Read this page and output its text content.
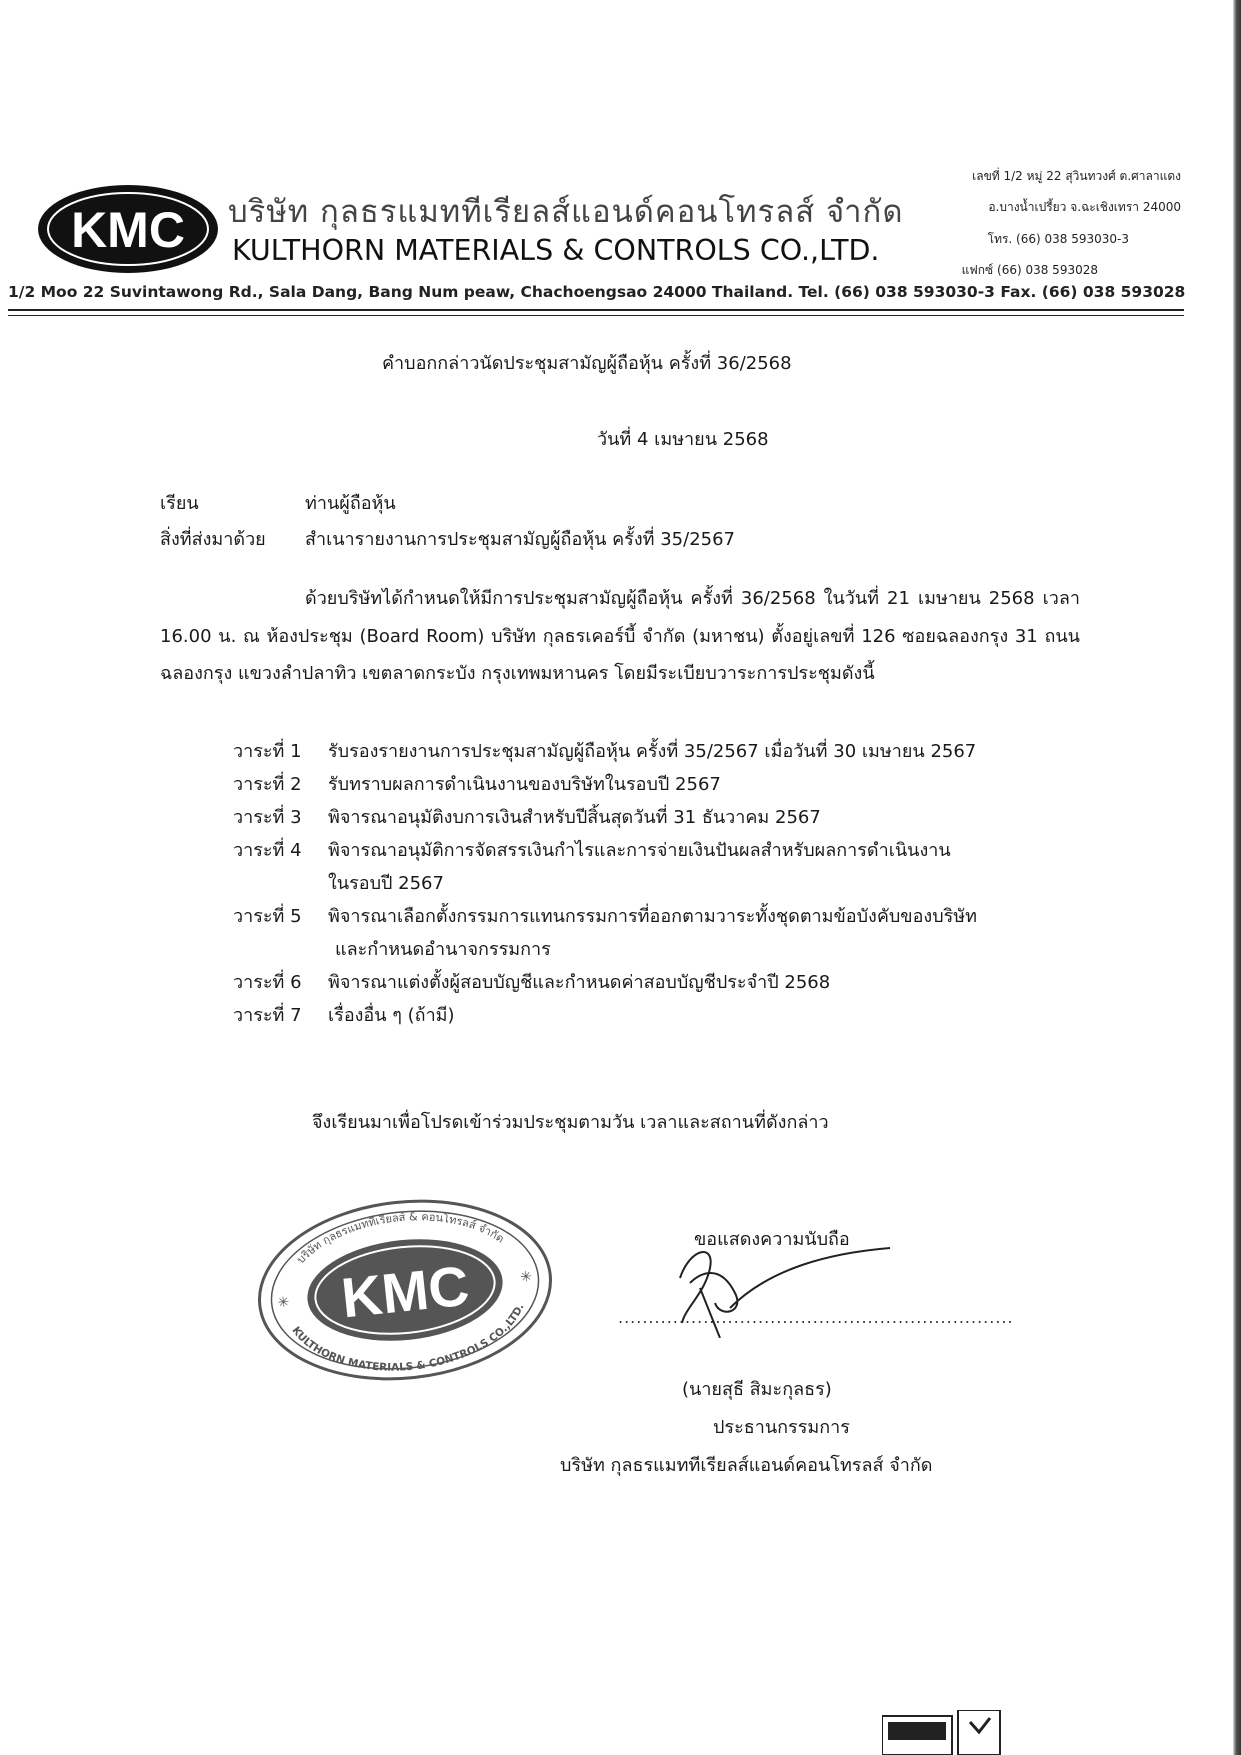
KMC บริษัท กุลธรแมททีเรียลส์แอนด์คอนโทรลส์ จำกัด
KULTHORN MATERIALS & CONTROLS CO.,LTD.
เลขที่ 1/2 หมู่ 22 สุวินทวงศ์ ต.ศาลาแดง
อ.บางน้ำเปรี้ยว จ.ฉะเชิงเทรา 24000
โทร. (66) 038 593030-3
แฟกซ์ (66) 038 593028
1/2 Moo 22 Suvintawong Rd., Sala Dang, Bang Num peaw, Chachoengsao 24000 Thailand. Tel. (66) 038 593030-3 Fax. (66) 038 593028
คำบอกกล่าวนัดประชุมสามัญผู้ถือหุ้น ครั้งที่ 36/2568
วันที่ 4 เมษายน 2568
เรียน	ท่านผู้ถือหุ้น
สิ่งที่ส่งมาด้วย สำเนารายงานการประชุมสามัญผู้ถือหุ้น ครั้งที่ 35/2567
ด้วยบริษัทได้กำหนดให้มีการประชุมสามัญผู้ถือหุ้น ครั้งที่ 36/2568 ในวันที่ 21 เมษายน 2568 เวลา 16.00 น. ณ ห้องประชุม (Board Room) บริษัท กุลธรเคอร์บี้ จำกัด (มหาชน) ตั้งอยู่เลขที่ 126 ซอยฉลองกรุง 31 ถนนฉลองกรุง แขวงลำปลาทิว เขตลาดกระบัง กรุงเทพมหานคร โดยมีระเบียบวาระการประชุมดังนี้
วาระที่ 1 รับรองรายงานการประชุมสามัญผู้ถือหุ้น ครั้งที่ 35/2567 เมื่อวันที่ 30 เมษายน 2567
วาระที่ 2 รับทราบผลการดำเนินงานของบริษัทในรอบปี 2567
วาระที่ 3 พิจารณาอนุมัติงบการเงินสำหรับปีสิ้นสุดวันที่ 31 ธันวาคม 2567
วาระที่ 4 พิจารณาอนุมัติการจัดสรรเงินกำไรและการจ่ายเงินปันผลสำหรับผลการดำเนินงาน
ในรอบปี 2567
วาระที่ 5 พิจารณาเลือกตั้งกรรมการแทนกรรมการที่ออกตามวาระทั้งชุดตามข้อบังคับของบริษัท
และกำหนดอำนาจกรรมการ
วาระที่ 6 พิจารณาแต่งตั้งผู้สอบบัญชีและกำหนดค่าสอบบัญชีประจำปี 2568
วาระที่ 7 เรื่องอื่น ๆ (ถ้ามี)
จึงเรียนมาเพื่อโปรดเข้าร่วมประชุมตามวัน เวลาและสถานที่ดังกล่าว
KMC
บริษัท กุลธรแมททีเรียลส์ & คอนโทรลส์ จำกัด
KULTHORN MATERIALS & CONTROLS CO.,LTD.
✳
✳
ขอแสดงความนับถือ
.................................................................
(นายสุธี สิมะกุลธร)
ประธานกรรมการ
บริษัท กุลธรแมททีเรียลส์แอนด์คอนโทรลส์ จำกัด
